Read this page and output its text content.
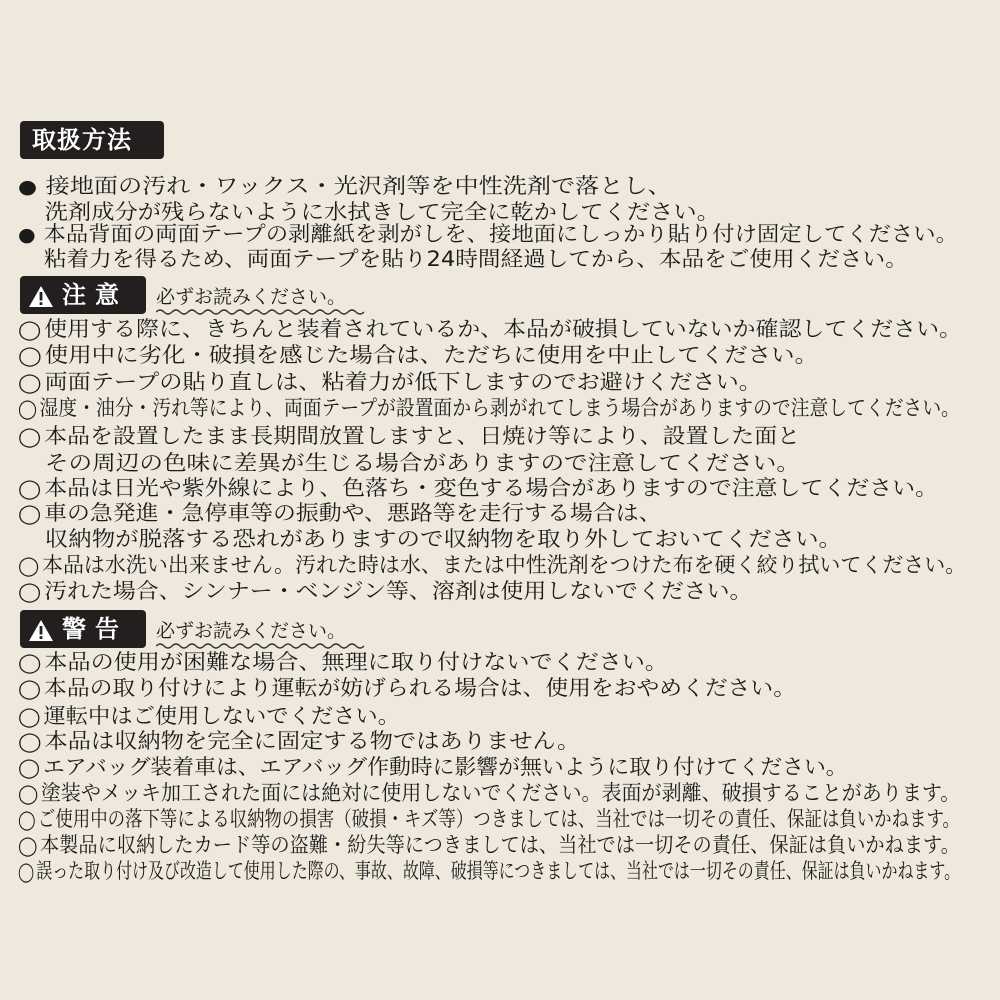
取扱方法
注意 必ずお読みください。
警告 必ずお読みください。
● 接地面の汚れ・ワックス・光沢剤等を中性洗剤で落とし、
洗剤成分が残らないように水拭きして完全に乾かしてください。
● 本品背面の両面テープの剥離紙を剥がしを、接地面にしっかり貼り付け固定してください。
粘着力を得るため、両面テープを貼り24時間経過してから、本品をご使用ください。
◯ 使用する際に、きちんと装着されているか、本品が破損していないか確認してください。
◯ 使用中に劣化・破損を感じた場合は、ただちに使用を中止してください。
◯ 両面テープの貼り直しは、粘着力が低下しますのでお避けください。
◯ 湿度・油分・汚れ等により、両面テープが設置面から剥がれてしまう場合がありますので注意してください。
◯ 本品を設置したまま長期間放置しますと、日焼け等により、設置した面と
その周辺の色味に差異が生じる場合がありますので注意してください。
◯ 本品は日光や紫外線により、色落ち・変色する場合がありますので注意してください。
◯ 車の急発進・急停車等の振動や、悪路等を走行する場合は、
収納物が脱落する恐れがありますので収納物を取り外しておいてください。
◯ 本品は水洗い出来ません。汚れた時は水、または中性洗剤をつけた布を硬く絞り拭いてください。
◯ 汚れた場合、シンナー・ベンジン等、溶剤は使用しないでください。
◯ 本品の使用が困難な場合、無理に取り付けないでください。
◯ 本品の取り付けにより運転が妨げられる場合は、使用をおやめください。
◯ 運転中はご使用しないでください。
◯ 本品は収納物を完全に固定する物ではありません。
◯ エアバッグ装着車は、エアバッグ作動時に影響が無いように取り付けてください。
◯ 塗装やメッキ加工された面には絶対に使用しないでください。表面が剥離、破損することがあります。
◯ ご使用中の落下等による収納物の損害（破損・キズ等）つきましては、当社では一切その責任、保証は負いかねます。
◯ 本製品に収納したカード等の盗難・紛失等につきましては、当社では一切その責任、保証は負いかねます。
◯誤った取り付け及び改造して使用した際の、事故、故障、破損等につきましては、当社では一切その責任、保証は負いかねます。
